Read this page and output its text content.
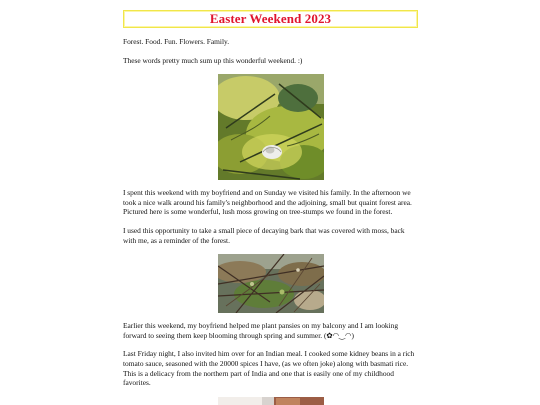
Easter Weekend 2023

Forest. Food. Fun. Flowers. Family.

These words pretty much sum up this wonderful weekend. :)

I spent this weekend with my boyfriend and on Sunday we visited his family. In the afternoon we took a nice walk around his family's neighborhood and the adjoining, small but quaint forest area. Pictured here is some wonderful, lush moss growing on tree-stumps we found in the forest.

I used this opportunity to take a small piece of decaying bark that was covered with moss, back with me, as a reminder of the forest.

Earlier this weekend, my boyfriend helped me plant pansies on my balcony and I am looking forward to seeing them keep blooming through spring and summer. (✿◠‿◠)

Last Friday night, I also invited him over for an Indian meal. I cooked some kidney beans in a rich tomato sauce, seasoned with the 20000 spices I have, (as we often joke) along with basmati rice. This is a delicacy from the northern part of India and one that is easily one of my childhood favorites.
